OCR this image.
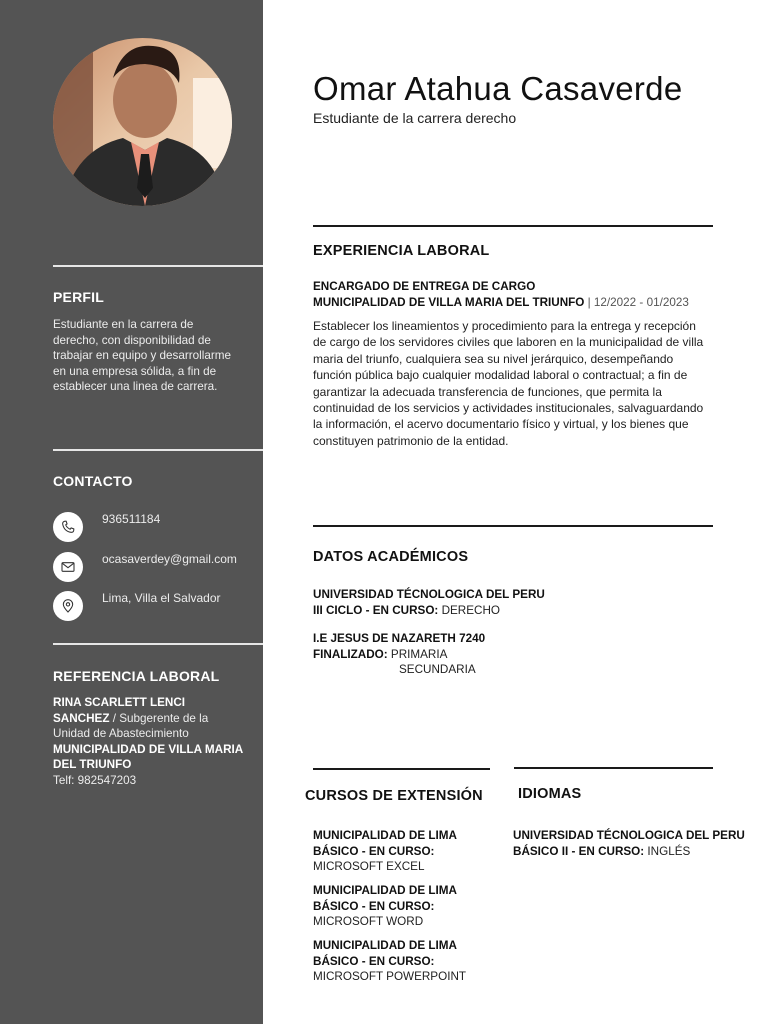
PERFIL
Estudiante en la carrera de derecho, con disponibilidad de trabajar en equipo y desarrollarme en una empresa sólida, a fin de establecer una linea de carrera.
CONTACTO
936511184
ocasaverdey@gmail.com
Lima, Villa el Salvador
REFERENCIA LABORAL
RINA SCARLETT LENCI SANCHEZ / Subgerente de la Unidad de Abastecimiento
MUNICIPALIDAD DE VILLA MARIA DEL TRIUNFO
Telf: 982547203
Omar Atahua Casaverde
Estudiante de la carrera derecho
EXPERIENCIA LABORAL
ENCARGADO DE ENTREGA DE CARGO
MUNICIPALIDAD DE VILLA MARIA DEL TRIUNFO | 12/2022 - 01/2023

Establecer los lineamientos y procedimiento para la entrega y recepción de cargo de los servidores civiles que laboren en la municipalidad de villa maria del triunfo, cualquiera sea su nivel jerárquico, desempeñando función pública bajo cualquier modalidad laboral o contractual; a fin de garantizar la adecuada transferencia de funciones, que permita la continuidad de los servicios y actividades institucionales, salvaguardando la información, el acervo documentario físico y virtual, y los bienes que constituyen patrimonio de la entidad.

DATOS ACADÉMICOS
UNIVERSIDAD TÉCNOLOGICA DEL PERU
III CICLO - EN CURSO: DERECHO
I.E JESUS DE NAZARETH 7240
FINALIZADO: PRIMARIA
SECUNDARIA
CURSOS DE EXTENSIÓN IDIOMAS
MUNICIPALIDAD DE LIMA
BÁSICO - EN CURSO:
MICROSOFT EXCEL
MUNICIPALIDAD DE LIMA
BÁSICO - EN CURSO:
MICROSOFT WORD
MUNICIPALIDAD DE LIMA
BÁSICO - EN CURSO:
MICROSOFT POWERPOINT
UNIVERSIDAD TÉCNOLOGICA DEL PERU
BÁSICO II - EN CURSO: INGLÉS
